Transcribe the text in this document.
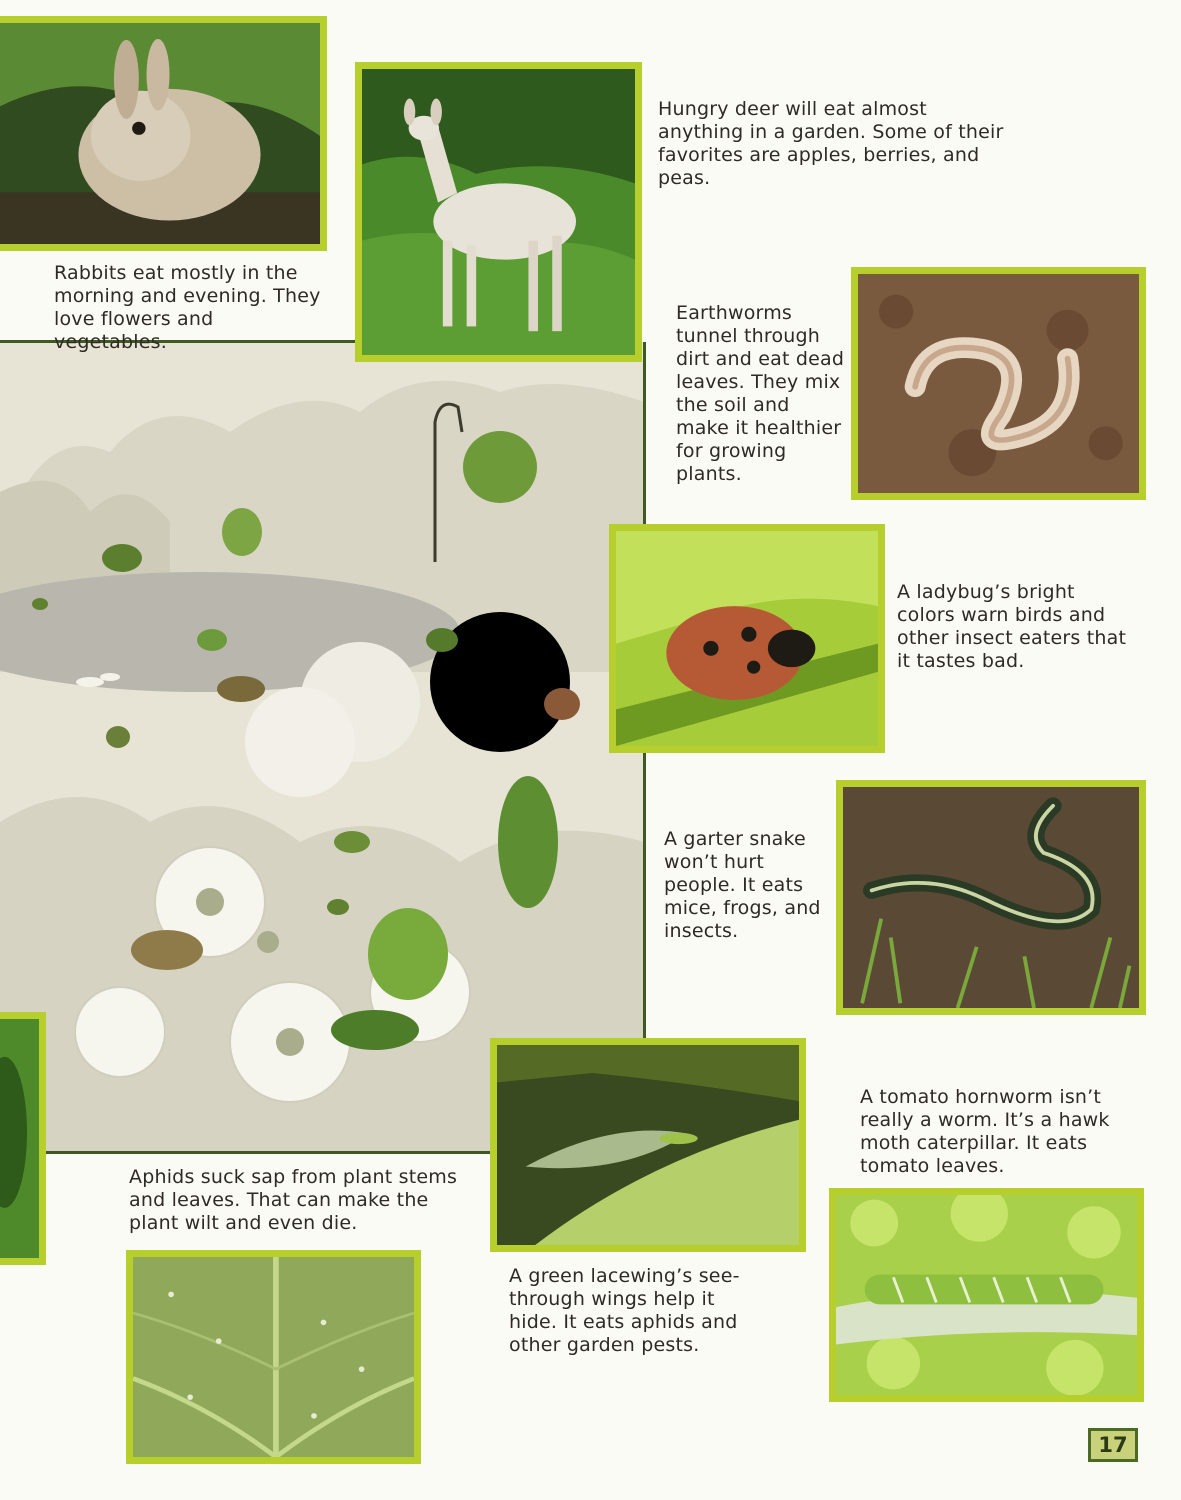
Rabbits eat mostly in the morning and evening. They love flowers and vegetables.

Hungry deer will eat almost anything in a garden. Some of their favorites are apples, berries, and peas.

Earthworms tunnel through dirt and eat dead leaves. They mix the soil and make it healthier for growing plants.

A ladybug’s bright colors warn birds and other insect eaters that it tastes bad.

A garter snake won’t hurt people. It eats mice, frogs, and insects.

Aphids suck sap from plant stems and leaves. That can make the plant wilt and even die.

A green lacewing’s see-through wings help it hide. It eats aphids and other garden pests.

A tomato hornworm isn’t really a worm. It’s a hawk moth caterpillar. It eats tomato leaves.

17
